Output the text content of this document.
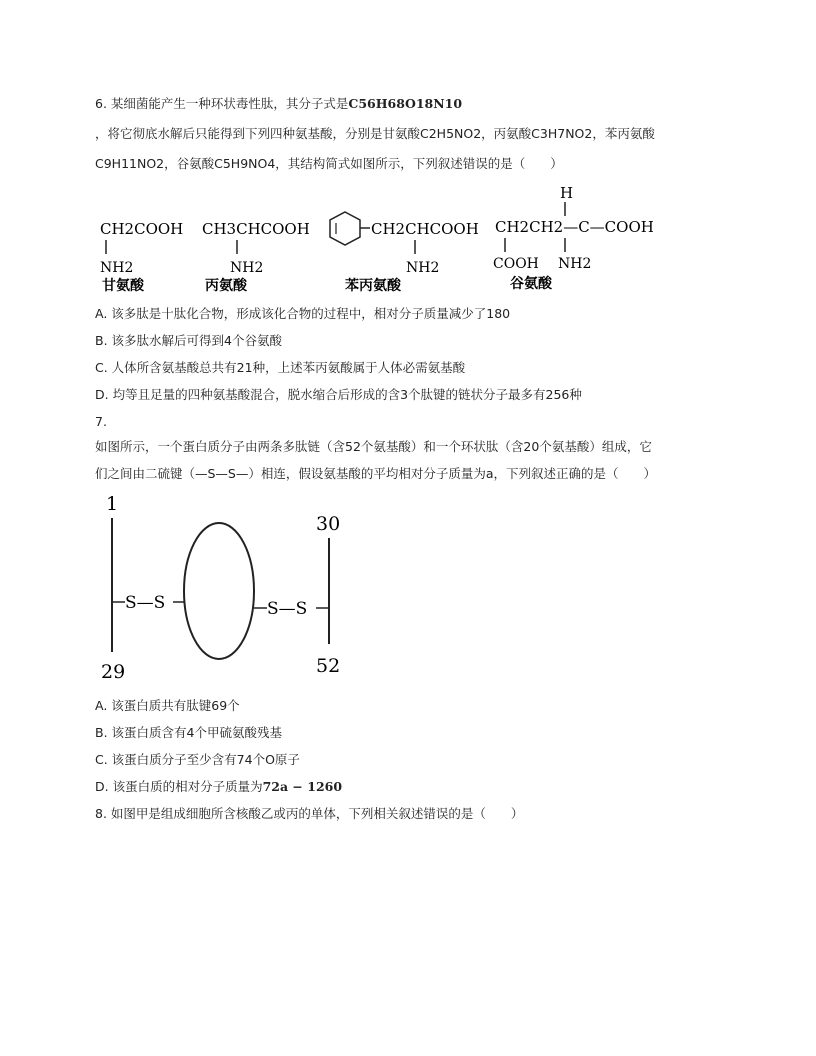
6. 某细菌能产生一种环状毒性肽，其分子式是C56H68O18N10
，将它彻底水解后只能得到下列四种氨基酸，分别是甘氨酸C2H5NO2，丙氨酸C3H7NO2，苯丙氨酸
C9H11NO2，谷氨酸C5H9NO4，其结构简式如图所示，下列叙述错误的是（　　）
CH2COOH
NH2
甘氨酸
CH3CHCOOH
NH2
丙氨酸
CH2CHCOOH
NH2
苯丙氨酸
H
CH2CH2—C—COOH
COOH NH2
谷氨酸
A. 该多肽是十肽化合物，形成该化合物的过程中，相对分子质量减少了180
B. 该多肽水解后可得到4个谷氨酸
C. 人体所含氨基酸总共有21种，上述苯丙氨酸属于人体必需氨基酸
D. 均等且足量的四种氨基酸混合，脱水缩合后形成的含3个肽键的链状分子最多有256种
7.
如图所示，一个蛋白质分子由两条多肽链（含52个氨基酸）和一个环状肽（含20个氨基酸）组成，它
们之间由二硫键（—S—S—）相连，假设氨基酸的平均相对分子质量为a，下列叙述正确的是（　　）
1
29
S—S	S—S
30
52
A. 该蛋白质共有肽键69个
B. 该蛋白质含有4个甲硫氨酸残基
C. 该蛋白质分子至少含有74个O原子
D. 该蛋白质的相对分子质量为72a − 1260
8. 如图甲是组成细胞所含核酸乙或丙的单体，下列相关叙述错误的是（　　）
